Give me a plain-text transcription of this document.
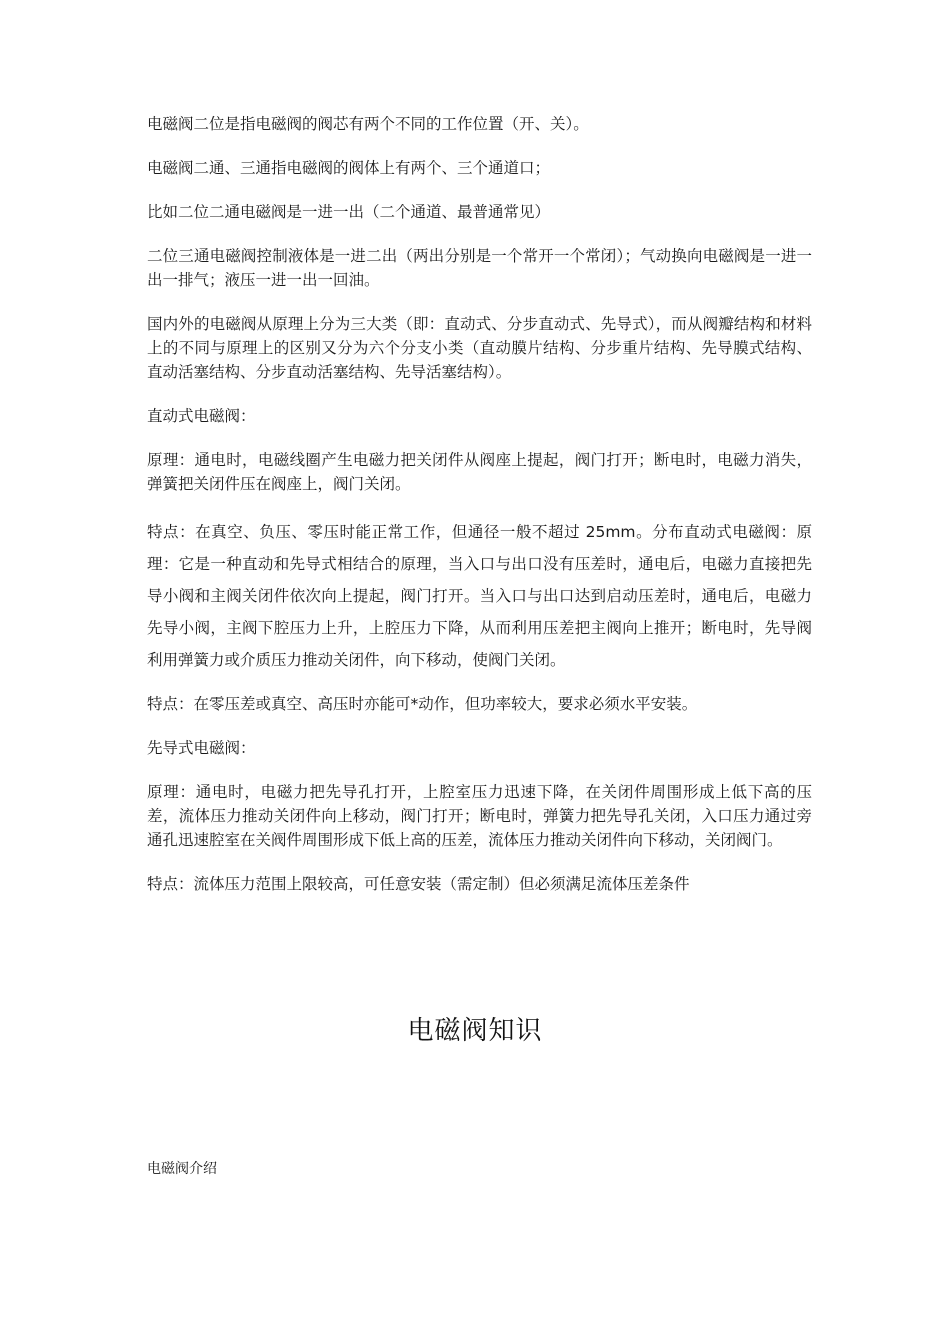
电磁阀二位是指电磁阀的阀芯有两个不同的工作位置（开、关）。

电磁阀二通、三通指电磁阀的阀体上有两个、三个通道口；

比如二位二通电磁阀是一进一出（二个通道、最普通常见）

二位三通电磁阀控制液体是一进二出（两出分别是一个常开一个常闭）；气动换向电磁阀是一进一出一排气；液压一进一出一回油。

国内外的电磁阀从原理上分为三大类（即：直动式、分步直动式、先导式），而从阀瓣结构和材料上的不同与原理上的区别又分为六个分支小类（直动膜片结构、分步重片结构、先导膜式结构、直动活塞结构、分步直动活塞结构、先导活塞结构）。

直动式电磁阀：

原理：通电时，电磁线圈产生电磁力把关闭件从阀座上提起，阀门打开；断电时，电磁力消失，弹簧把关闭件压在阀座上，阀门关闭。

特点：在真空、负压、零压时能正常工作，但通径一般不超过 25mm。分布直动式电磁阀：原理：它是一种直动和先导式相结合的原理，当入口与出口没有压差时，通电后，电磁力直接把先导小阀和主阀关闭件依次向上提起，阀门打开。当入口与出口达到启动压差时，通电后，电磁力先导小阀，主阀下腔压力上升，上腔压力下降，从而利用压差把主阀向上推开；断电时，先导阀利用弹簧力或介质压力推动关闭件，向下移动，使阀门关闭。

特点：在零压差或真空、高压时亦能可*动作，但功率较大，要求必须水平安装。

先导式电磁阀：

原理：通电时，电磁力把先导孔打开，上腔室压力迅速下降，在关闭件周围形成上低下高的压差，流体压力推动关闭件向上移动，阀门打开；断电时，弹簧力把先导孔关闭，入口压力通过旁通孔迅速腔室在关阀件周围形成下低上高的压差，流体压力推动关闭件向下移动，关闭阀门。

特点：流体压力范围上限较高，可任意安装（需定制）但必须满足流体压差条件

电磁阀知识
电磁阀介绍
